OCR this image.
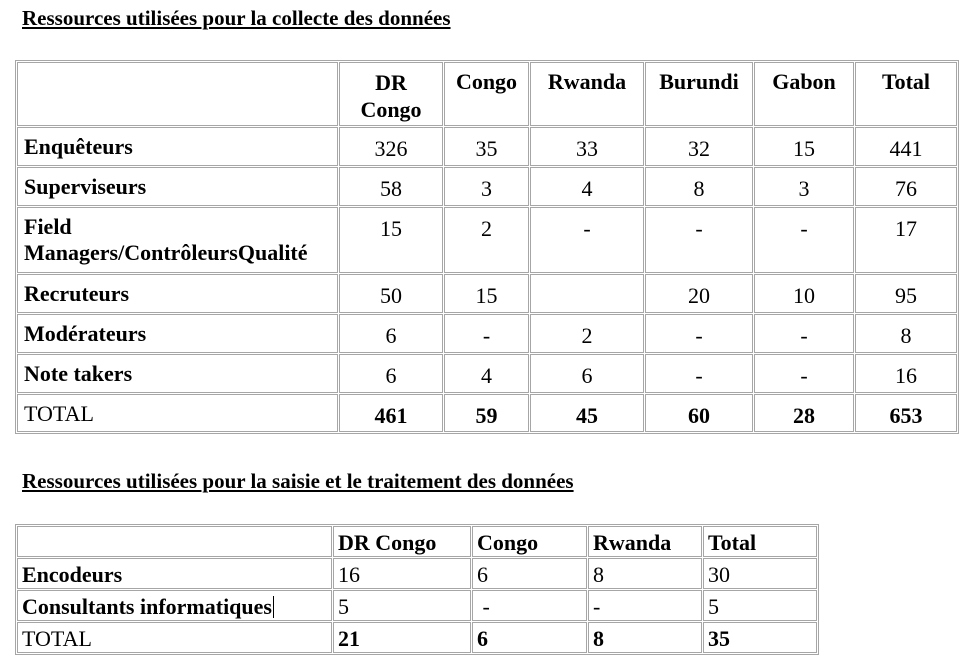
Ressources utilisées pour la collecte des données
	DR Congo	Congo	Rwanda	Burundi	Gabon	Total
Enquêteurs	326	35	33	32	15	441
Superviseurs	58	3	4	8	3	76
Field Managers/ContrôleursQualité	15	2	-	-	-	17
Recruteurs	50	15		20	10	95
Modérateurs	6	-	2	-	-	8
Note takers	6	4	6	-	-	16
TOTAL	461	59	45	60	28	653
Ressources utilisées pour la saisie et le traitement des données
	DR Congo	Congo	Rwanda	Total
Encodeurs	16	6	8	30
Consultants informatiques	5	-	-	5
TOTAL	21	6	8	35
